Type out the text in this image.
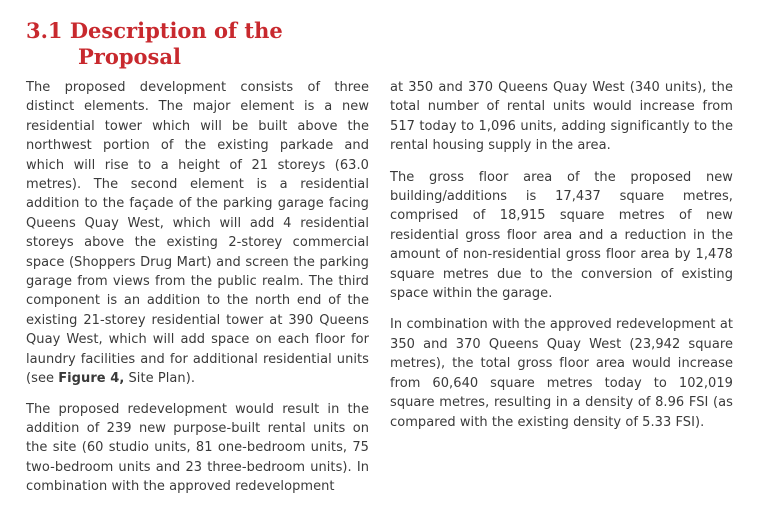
3.1 Description of the
Proposal

The proposed development consists of three distinct elements. The major element is a new residential tower which will be built above the northwest portion of the existing parkade and which will rise to a height of 21 storeys (63.0 metres). The second element is a residential addition to the façade of the parking garage facing Queens Quay West, which will add 4 residential storeys above the existing 2-storey commercial space (Shoppers Drug Mart) and screen the parking garage from views from the public realm. The third component is an addition to the north end of the existing 21-storey residential tower at 390 Queens Quay West, which will add space on each floor for laundry facilities and for additional residential units (see Figure 4, Site Plan).

The proposed redevelopment would result in the addition of 239 new purpose-built rental units on the site (60 studio units, 81 one-bedroom units, 75 two-bedroom units and 23 three-bedroom units). In combination with the approved redevelopment

at 350 and 370 Queens Quay West (340 units), the total number of rental units would increase from 517 today to 1,096 units, adding significantly to the rental housing supply in the area.

The gross floor area of the proposed new building/additions is 17,437 square metres, comprised of 18,915 square metres of new residential gross floor area and a reduction in the amount of non-residential gross floor area by 1,478 square metres due to the conversion of existing space within the garage.

In combination with the approved redevelopment at 350 and 370 Queens Quay West (23,942 square metres), the total gross floor area would increase from 60,640 square metres today to 102,019 square metres, resulting in a density of 8.96 FSI (as compared with the existing density of 5.33 FSI).
